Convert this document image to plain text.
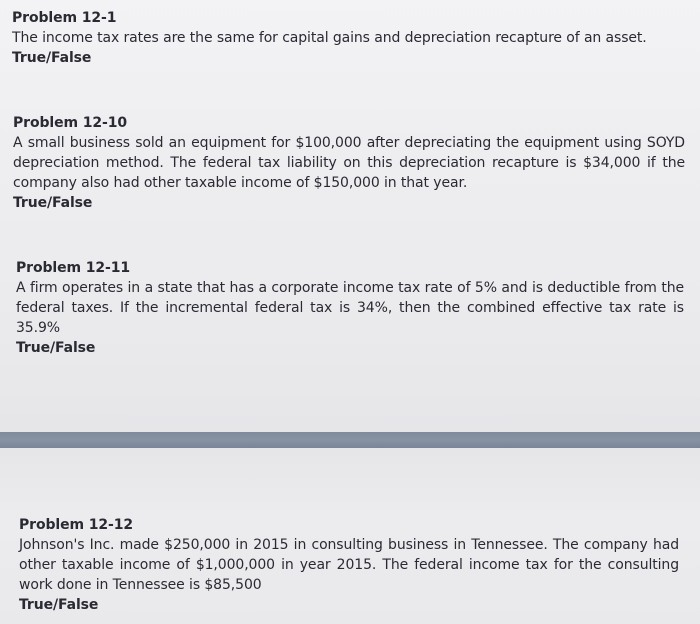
Problem 12-1
The income tax rates are the same for capital gains and depreciation recapture of an asset.
True/False
Problem 12-10
A small business sold an equipment for $100,000 after depreciating the equipment using SOYD depreciation method. The federal tax liability on this depreciation recapture is $34,000 if the company also had other taxable income of $150,000 in that year.
True/False
Problem 12-11
A firm operates in a state that has a corporate income tax rate of 5% and is deductible from the federal taxes. If the incremental federal tax is 34%, then the combined effective tax rate is 35.9%
True/False
Problem 12-12
Johnson's Inc. made $250,000 in 2015 in consulting business in Tennessee. The company had other taxable income of $1,000,000 in year 2015. The federal income tax for the consulting work done in Tennessee is $85,500
True/False
